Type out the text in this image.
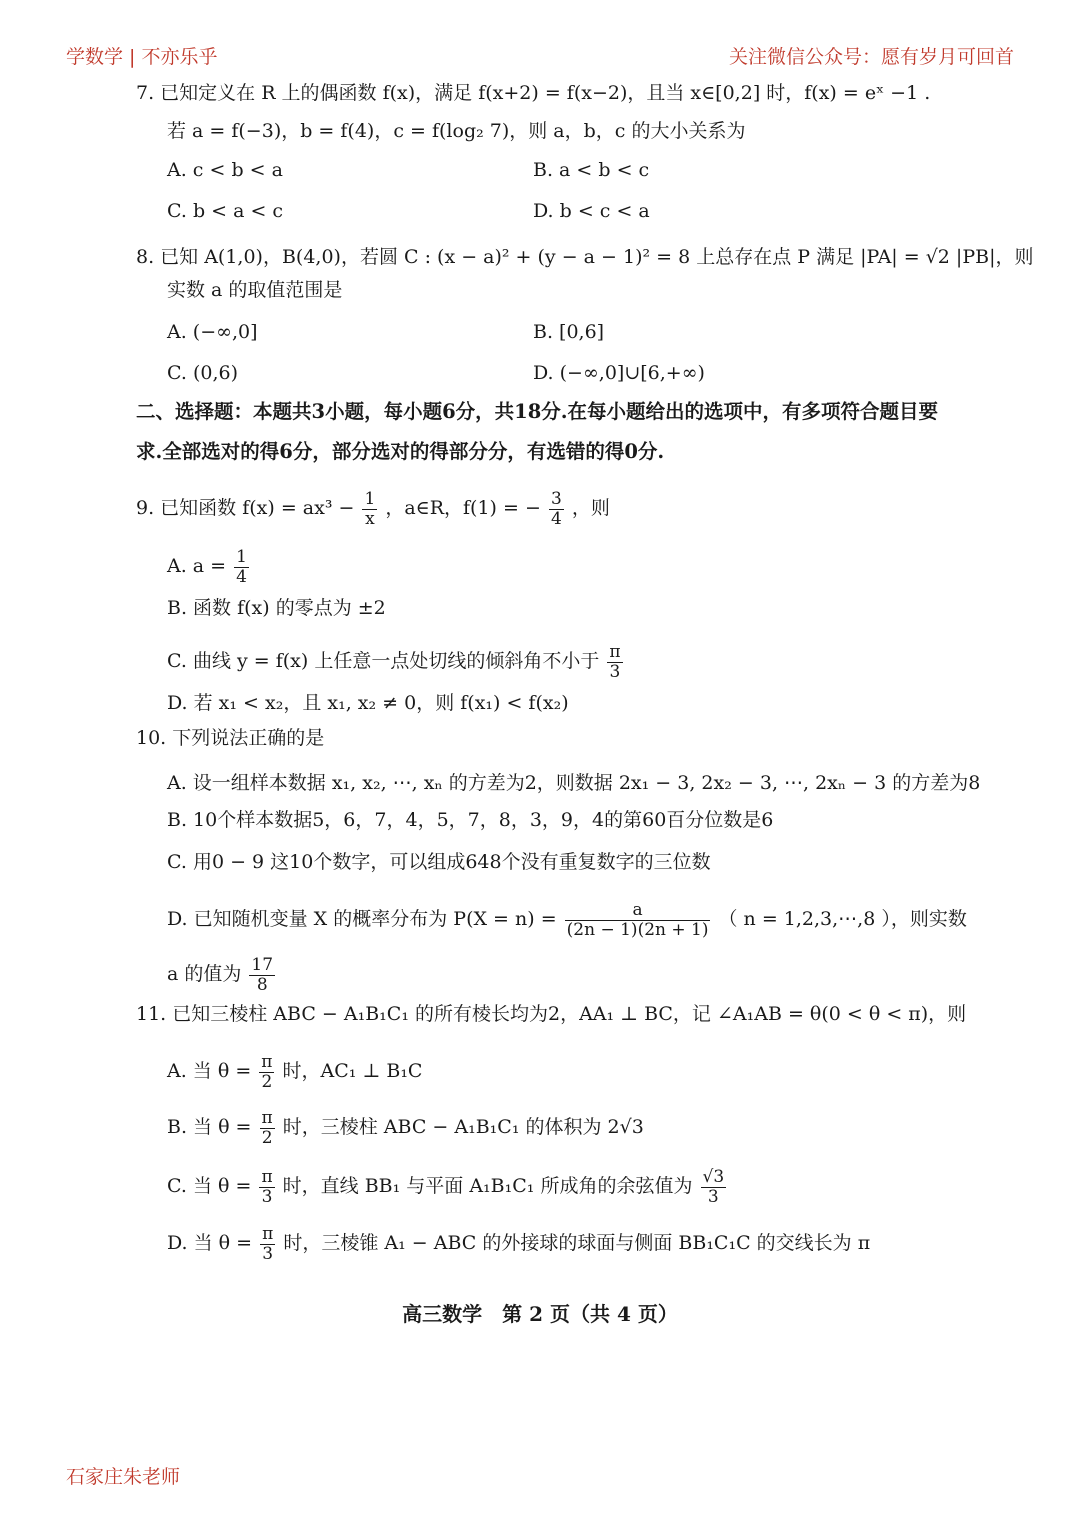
学数学 | 不亦乐乎	关注微信公众号：愿有岁月可回首
7. 已知定义在 R 上的偶函数 f(x)，满足 f(x+2) = f(x−2)，且当 x∈[0,2] 时，f(x) = eˣ −1 .
若 a = f(−3)，b = f(4)，c = f(log₂ 7)，则 a，b，c 的大小关系为
A. c < b < a	B. a < b < c
C. b < a < c	D. b < c < a
8. 已知 A(1,0)，B(4,0)，若圆 C : (x − a)² + (y − a − 1)² = 8 上总存在点 P 满足 |PA| = √2 |PB|，则
实数 a 的取值范围是
A. (−∞,0]	B. [0,6]
C. (0,6)	D. (−∞,0]∪[6,+∞)
二、选择题：本题共3小题，每小题6分，共18分.在每小题给出的选项中，有多项符合题目要
求.全部选对的得6分，部分选对的得部分分，有选错的得0分.
9. 已知函数 $f(x) = ax^3 - \frac{1}{x}$ ，a∈R，f(1) = − $\frac{3}{4}$ ，则
A. $a = \frac{1}{4}$
B. 函数 f(x) 的零点为 ±2
C. 曲线 y = f(x) 上任意一点处切线的倾斜角不小于 $\frac{\pi}{3}$
D. 若 x₁ < x₂，且 x₁, x₂ ≠ 0，则 f(x₁) < f(x₂)
10. 下列说法正确的是
A. 设一组样本数据 x₁, x₂, ⋯, xₙ 的方差为2，则数据 2x₁ − 3, 2x₂ − 3, ⋯, 2xₙ − 3 的方差为8
B. 10个样本数据5，6，7，4，5，7，8，3，9，4的第60百分位数是6
C. 用0 − 9 这10个数字，可以组成648个没有重复数字的三位数
D. 已知随机变量 X 的概率分布为 $P(X = n) = \frac{a}{(2n - 1)(2n + 1)}$ （ n = 1,2,3,⋯,8 ），则实数
a 的值为 $\frac{17}{8}$
11. 已知三棱柱 ABC − A₁B₁C₁ 的所有棱长均为2，AA₁ ⊥ BC，记 ∠A₁AB = θ(0 < θ < π)，则
A. 当 $\theta = \frac{\pi}{2}$ 时，AC₁ ⊥ B₁C
B. 当 $\theta = \frac{\pi}{2}$ 时，三棱柱 ABC − A₁B₁C₁ 的体积为 2√3
C. 当 $\theta = \frac{\pi}{3}$ 时，直线 BB₁ 与平面 A₁B₁C₁ 所成角的余弦值为 $\frac{√3}{3}$
D. 当 $\theta = \frac{\pi}{3}$ 时，三棱锥 A₁ − ABC 的外接球的球面与侧面 BB₁C₁C 的交线长为 π
高三数学　第 2 页（共 4 页）
石家庄朱老师
